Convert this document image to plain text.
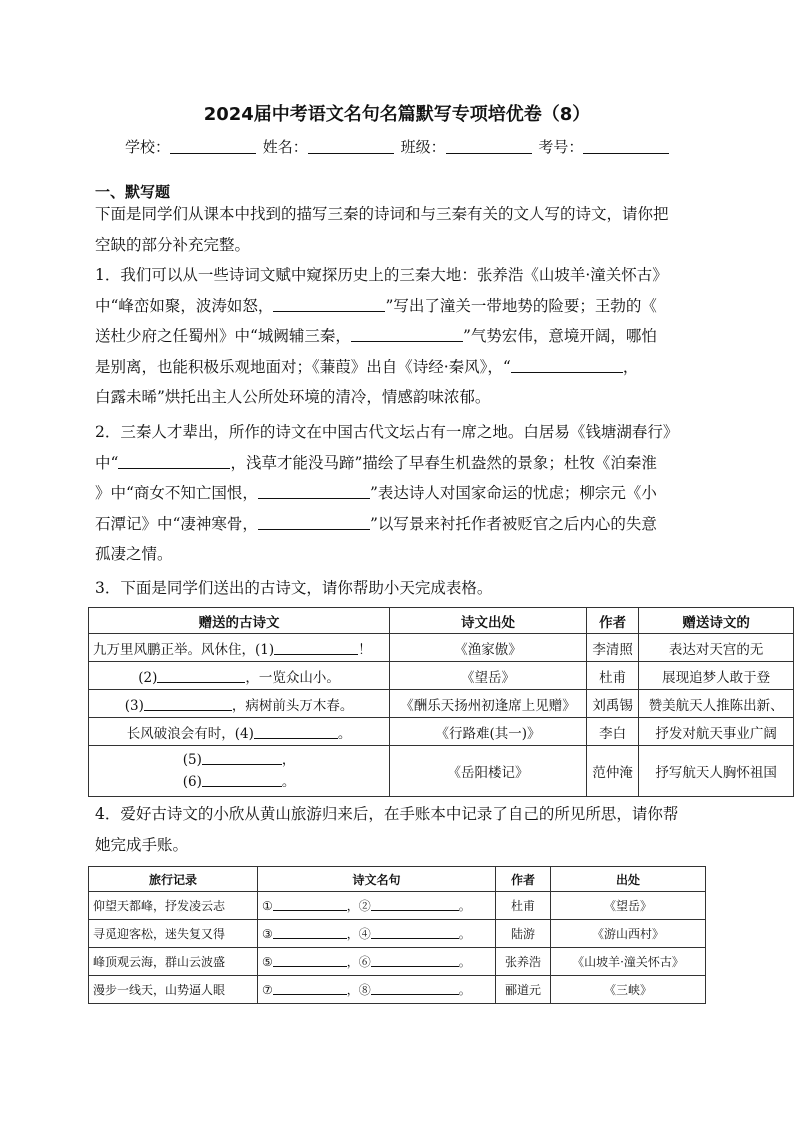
2024届中考语文名句名篇默写专项培优卷（8）
学校：	姓名：	班级：	考号：
一、默写题
下面是同学们从课本中找到的描写三秦的诗词和与三秦有关的文人写的诗文，请你把
空缺的部分补充完整。
1．我们可以从一些诗词文赋中窥探历史上的三秦大地：张养浩《山坡羊·潼关怀古》
中“峰峦如聚，波涛如怒，	”写出了潼关一带地势的险要；王勃的《
送杜少府之任蜀州》中“城阙辅三秦，	”气势宏伟，意境开阔，哪怕
是别离，也能积极乐观地面对；《蒹葭》出自《诗经·秦风》，“	，
白露未晞”烘托出主人公所处环境的清冷，情感韵味浓郁。
2．三秦人才辈出，所作的诗文在中国古代文坛占有一席之地。白居易《钱塘湖春行》
中“	，浅草才能没马蹄”描绘了早春生机盎然的景象；杜牧《泊秦淮
》中“商女不知亡国恨，	”表达诗人对国家命运的忧虑；柳宗元《小
石潭记》中“凄神寒骨，	”以写景来衬托作者被贬官之后内心的失意
孤凄之情。
3．下面是同学们送出的古诗文，请你帮助小天完成表格。
赠送的古诗文	诗文出处	作者	赠送诗文的
九万里风鹏正举。风休住，(1) ！	《渔家傲》	李清照	表达对天宫的无
(2) ，一览众山小。	《望岳》	杜甫	展现追梦人敢于登
(3) ，病树前头万木春。	《酬乐天扬州初逢席上见赠》	刘禹锡	赞美航天人推陈出新、
长风破浪会有时，(4) 。	《行路难(其一)》	李白	抒发对航天事业广阔

(5) ，
(6) 。	《岳阳楼记》	范仲淹	抒写航天人胸怀祖国
4．爱好古诗文的小欣从黄山旅游归来后，在手账本中记录了自己的所见所思，请你帮
她完成手账。
旅行记录	诗文名句	作者	出处
仰望天都峰，抒发凌云志	① ，② 。	杜甫	《望岳》
寻觅迎客松，迷失复又得	③ ，④ 。	陆游	《游山西村》
峰顶观云海，群山云波盛	⑤ ，⑥ 。	张养浩	《山坡羊·潼关怀古》
漫步一线天，山势逼人眼	⑦ ，⑧ 。	郦道元	《三峡》
